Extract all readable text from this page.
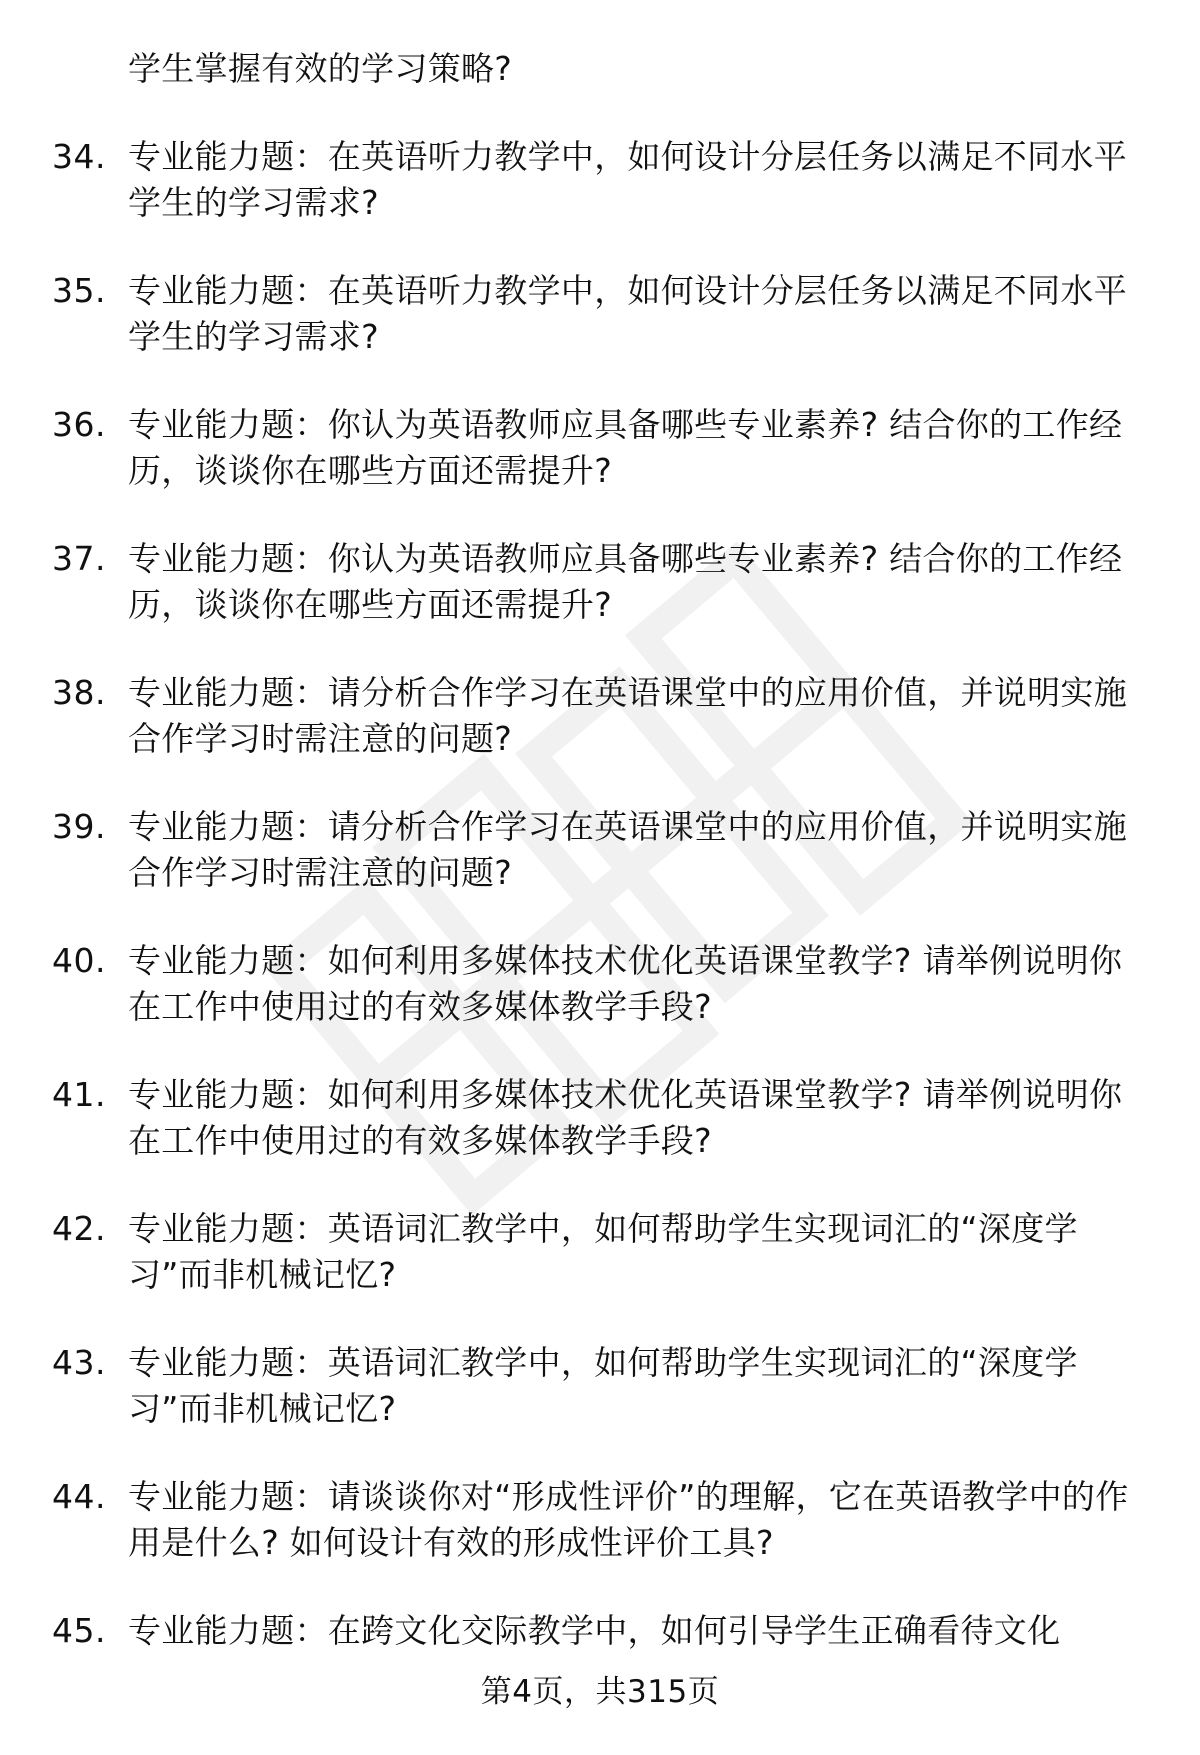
学生掌握有效的学习策略?
34. 专业能力题：在英语听力教学中，如何设计分层任务以满足不同水平学生的学习需求?
35. 专业能力题：在英语听力教学中，如何设计分层任务以满足不同水平学生的学习需求?
36. 专业能力题：你认为英语教师应具备哪些专业素养? 结合你的工作经历，谈谈你在哪些方面还需提升?
37. 专业能力题：你认为英语教师应具备哪些专业素养? 结合你的工作经历，谈谈你在哪些方面还需提升?
38. 专业能力题：请分析合作学习在英语课堂中的应用价值，并说明实施合作学习时需注意的问题?
39. 专业能力题：请分析合作学习在英语课堂中的应用价值，并说明实施合作学习时需注意的问题?
40. 专业能力题：如何利用多媒体技术优化英语课堂教学? 请举例说明你在工作中使用过的有效多媒体教学手段?
41. 专业能力题：如何利用多媒体技术优化英语课堂教学? 请举例说明你在工作中使用过的有效多媒体教学手段?
42. 专业能力题：英语词汇教学中，如何帮助学生实现词汇的“深度学习”而非机械记忆?
43. 专业能力题：英语词汇教学中，如何帮助学生实现词汇的“深度学习”而非机械记忆?
44. 专业能力题：请谈谈你对“形成性评价”的理解，它在英语教学中的作用是什么? 如何设计有效的形成性评价工具?
45. 专业能力题：在跨文化交际教学中，如何引导学生正确看待文化
第4页，共315页
